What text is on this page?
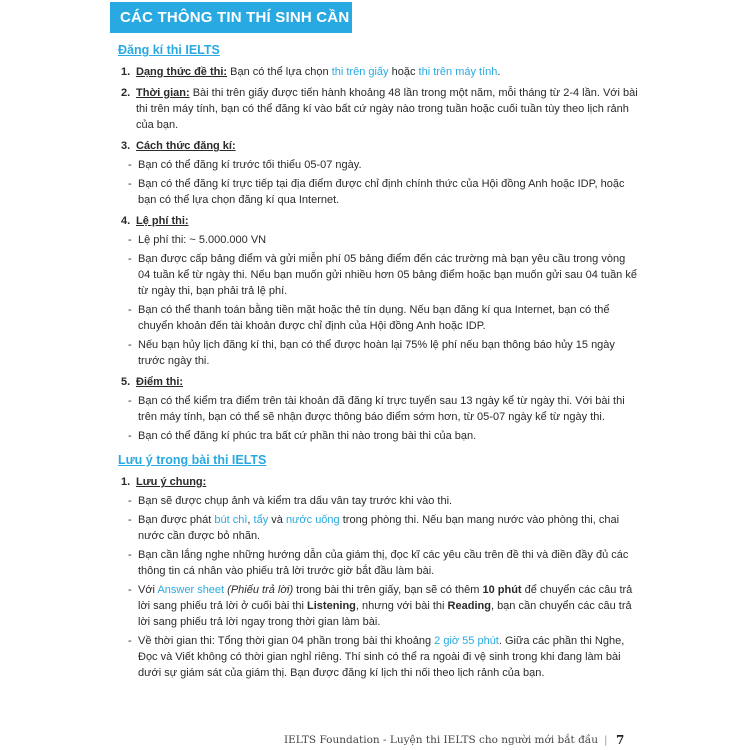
CÁC THÔNG TIN THÍ SINH CẦN BIẾT
Đăng kí thi IELTS
1. Dạng thức đề thi: Bạn có thể lựa chọn thi trên giấy hoặc thi trên máy tính.
2. Thời gian: Bài thi trên giấy được tiến hành khoảng 48 lần trong một năm, mỗi tháng từ 2-4 lần. Với bài thi trên máy tính, bạn có thể đăng kí vào bất cứ ngày nào trong tuần hoặc cuối tuần tùy theo lịch rảnh của bạn.
3. Cách thức đăng kí:
- Bạn có thể đăng kí trước tối thiểu 05-07 ngày.
- Bạn có thể đăng kí trực tiếp tại địa điểm được chỉ định chính thức của Hội đồng Anh hoặc IDP, hoặc bạn có thể lựa chọn đăng kí qua Internet.
4. Lệ phí thi:
- Lệ phí thi: ~ 5.000.000 VN
- Bạn được cấp bảng điểm và gửi miễn phí 05 bảng điểm đến các trường mà bạn yêu cầu trong vòng 04 tuần kể từ ngày thi. Nếu bạn muốn gửi nhiều hơn 05 bảng điểm hoặc bạn muốn gửi sau 04 tuần kể từ ngày thi, bạn phải trả lệ phí.
- Bạn có thể thanh toán bằng tiền mặt hoặc thẻ tín dụng. Nếu bạn đăng kí qua Internet, bạn có thể chuyển khoản đến tài khoản được chỉ định của Hội đồng Anh hoặc IDP.
- Nếu bạn hủy lịch đăng kí thi, bạn có thể được hoàn lại 75% lệ phí nếu bạn thông báo hủy 15 ngày trước ngày thi.
5. Điểm thi:
- Bạn có thể kiểm tra điểm trên tài khoản đã đăng kí trực tuyến sau 13 ngày kể từ ngày thi. Với bài thi trên máy tính, bạn có thể sẽ nhận được thông báo điểm sớm hơn, từ 05-07 ngày kể từ ngày thi.
- Bạn có thể đăng kí phúc tra bất cứ phần thi nào trong bài thi của bạn.
Lưu ý trong bài thi IELTS
1. Lưu ý chung:
- Bạn sẽ được chụp ảnh và kiểm tra dấu vân tay trước khi vào thi.
- Bạn được phát bút chì, tẩy và nước uống trong phòng thi. Nếu bạn mang nước vào phòng thi, chai nước cần được bỏ nhãn.
- Bạn cần lắng nghe những hướng dẫn của giám thị, đọc kĩ các yêu cầu trên đề thi và điền đầy đủ các thông tin cá nhân vào phiếu trả lời trước giờ bắt đầu làm bài.
- Với Answer sheet (Phiếu trả lời) trong bài thi trên giấy, bạn sẽ có thêm 10 phút để chuyển các câu trả lời sang phiếu trả lời ở cuối bài thi Listening, nhưng với bài thi Reading, bạn cần chuyển các câu trả lời sang phiếu trả lời ngay trong thời gian làm bài.
- Về thời gian thi: Tổng thời gian 04 phần trong bài thi khoảng 2 giờ 55 phút. Giữa các phần thi Nghe, Đọc và Viết không có thời gian nghỉ riêng. Thí sinh có thể ra ngoài đi vệ sinh trong khi đang làm bài dưới sự giám sát của giám thị. Bạn được đăng kí lịch thi nối theo lịch rảnh của bạn.
IELTS Foundation - Luyện thi IELTS cho người mới bắt đầu | 7
